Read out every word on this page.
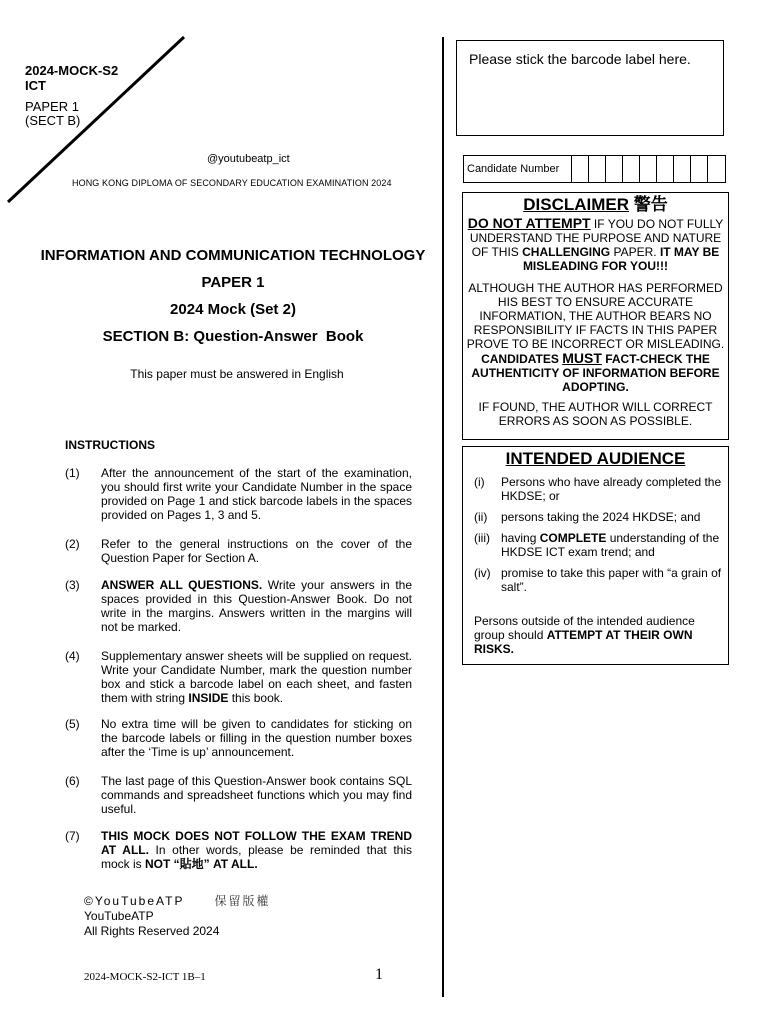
2024-MOCK-S2
ICT
PAPER 1
(SECT B)
@youtubeatp_ict
HONG KONG DIPLOMA OF SECONDARY EDUCATION EXAMINATION 2024
INFORMATION AND COMMUNICATION TECHNOLOGY
PAPER 1
2024 Mock (Set 2)
SECTION B: Question-Answer  Book
This paper must be answered in English
INSTRUCTIONS
(1) After the announcement of the start of the examination, you should first write your Candidate Number in the space provided on Page 1 and stick barcode labels in the spaces provided on Pages 1, 3 and 5.
(2) Refer to the general instructions on the cover of the Question Paper for Section A.
(3) ANSWER ALL QUESTIONS. Write your answers in the spaces provided in this Question-Answer Book. Do not write in the margins. Answers written in the margins will not be marked.
(4) Supplementary answer sheets will be supplied on request. Write your Candidate Number, mark the question number box and stick a barcode label on each sheet, and fasten them with string INSIDE this book.
(5) No extra time will be given to candidates for sticking on the barcode labels or filling in the question number boxes after the ‘Time is up’ announcement.
(6) The last page of this Question-Answer book contains SQL commands and spreadsheet functions which you may find useful.
(7) THIS MOCK DOES NOT FOLLOW THE EXAM TREND AT ALL. In other words, please be reminded that this mock is NOT “貼地” AT ALL.
©YouTubeATP	保留版權
YouTubeATP
All Rights Reserved 2024
2024-MOCK-S2-ICT 1B–1	1
Please stick the barcode label here.
Candidate Number
DISCLAIMER 警告

DO NOT ATTEMPT IF YOU DO NOT FULLY UNDERSTAND THE PURPOSE AND NATURE OF THIS CHALLENGING PAPER. IT MAY BE MISLEADING FOR YOU!!!

ALTHOUGH THE AUTHOR HAS PERFORMED HIS BEST TO ENSURE ACCURATE INFORMATION, THE AUTHOR BEARS NO RESPONSIBILITY IF FACTS IN THIS PAPER PROVE TO BE INCORRECT OR MISLEADING. CANDIDATES MUST FACT-CHECK THE AUTHENTICITY OF INFORMATION BEFORE ADOPTING.

IF FOUND, THE AUTHOR WILL CORRECT ERRORS AS SOON AS POSSIBLE.

INTENDED AUDIENCE
(i) Persons who have already completed the HKDSE; or
(ii) persons taking the 2024 HKDSE; and
(iii) having COMPLETE understanding of the HKDSE ICT exam trend; and
(iv) promise to take this paper with “a grain of salt”.
Persons outside of the intended audience group should ATTEMPT AT THEIR OWN RISKS.
